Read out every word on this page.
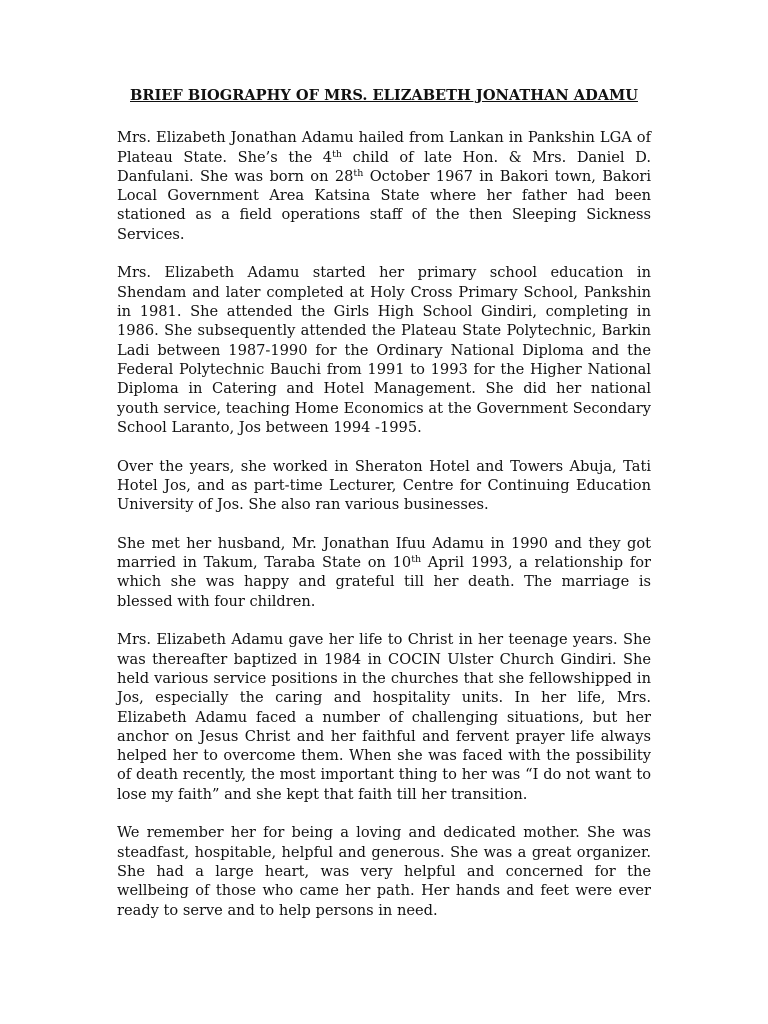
BRIEF BIOGRAPHY OF MRS. ELIZABETH JONATHAN ADAMU

Mrs. Elizabeth Jonathan Adamu hailed from Lankan in Pankshin LGA of Plateau State. She’s the 4th child of late Hon. & Mrs. Daniel D. Danfulani. She was born on 28th October 1967 in Bakori town, Bakori Local Government Area Katsina State where her father had been stationed as a field operations staff of the then Sleeping Sickness Services.

Mrs. Elizabeth Adamu started her primary school education in Shendam and later completed at Holy Cross Primary School, Pankshin in 1981. She attended the Girls High School Gindiri, completing in 1986. She subsequently attended the Plateau State Polytechnic, Barkin Ladi between 1987-1990 for the Ordinary National Diploma and the Federal Polytechnic Bauchi from 1991 to 1993 for the Higher National Diploma in Catering and Hotel Management. She did her national youth service, teaching Home Economics at the Government Secondary School Laranto, Jos between 1994 -1995.

Over the years, she worked in Sheraton Hotel and Towers Abuja, Tati Hotel Jos, and as part-time Lecturer, Centre for Continuing Education University of Jos. She also ran various businesses.

She met her husband, Mr. Jonathan Ifuu Adamu in 1990 and they got married in Takum, Taraba State on 10th April 1993, a relationship for which she was happy and grateful till her death. The marriage is blessed with four children.

Mrs. Elizabeth Adamu gave her life to Christ in her teenage years. She was thereafter baptized in 1984 in COCIN Ulster Church Gindiri. She held various service positions in the churches that she fellowshipped in Jos, especially the caring and hospitality units. In her life, Mrs. Elizabeth Adamu faced a number of challenging situations, but her anchor on Jesus Christ and her faithful and fervent prayer life always helped her to overcome them. When she was faced with the possibility of death recently, the most important thing to her was “I do not want to lose my faith” and she kept that faith till her transition.

We remember her for being a loving and dedicated mother. She was steadfast, hospitable, helpful and generous. She was a great organizer. She had a large heart, was very helpful and concerned for the wellbeing of those who came her path. Her hands and feet were ever ready to serve and to help persons in need.
